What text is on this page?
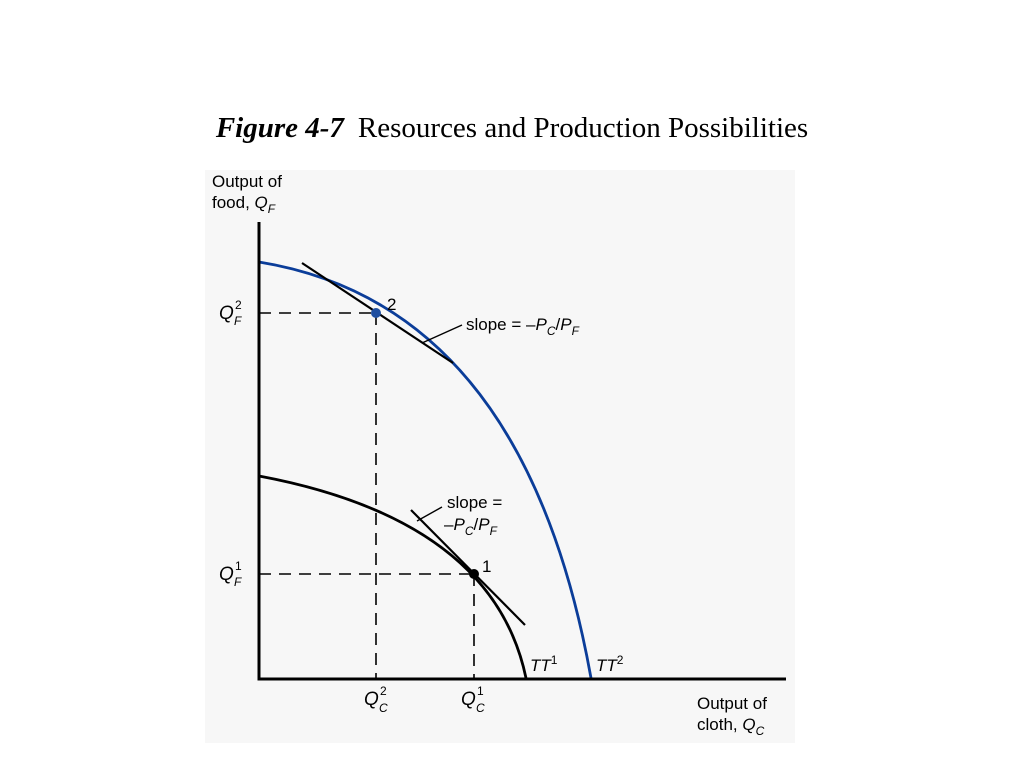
Figure 4-7 Resources and Production Possibilities
2
1
Output of
food, $Q_F$
Output of
cloth, $Q_C$
Q 2
F
Q 1
F
Q 2
C	Q 1
C
$TT^1$ $TT^2$
slope = $-P_C/P_F$
slope =
$-P_C/P_F$
